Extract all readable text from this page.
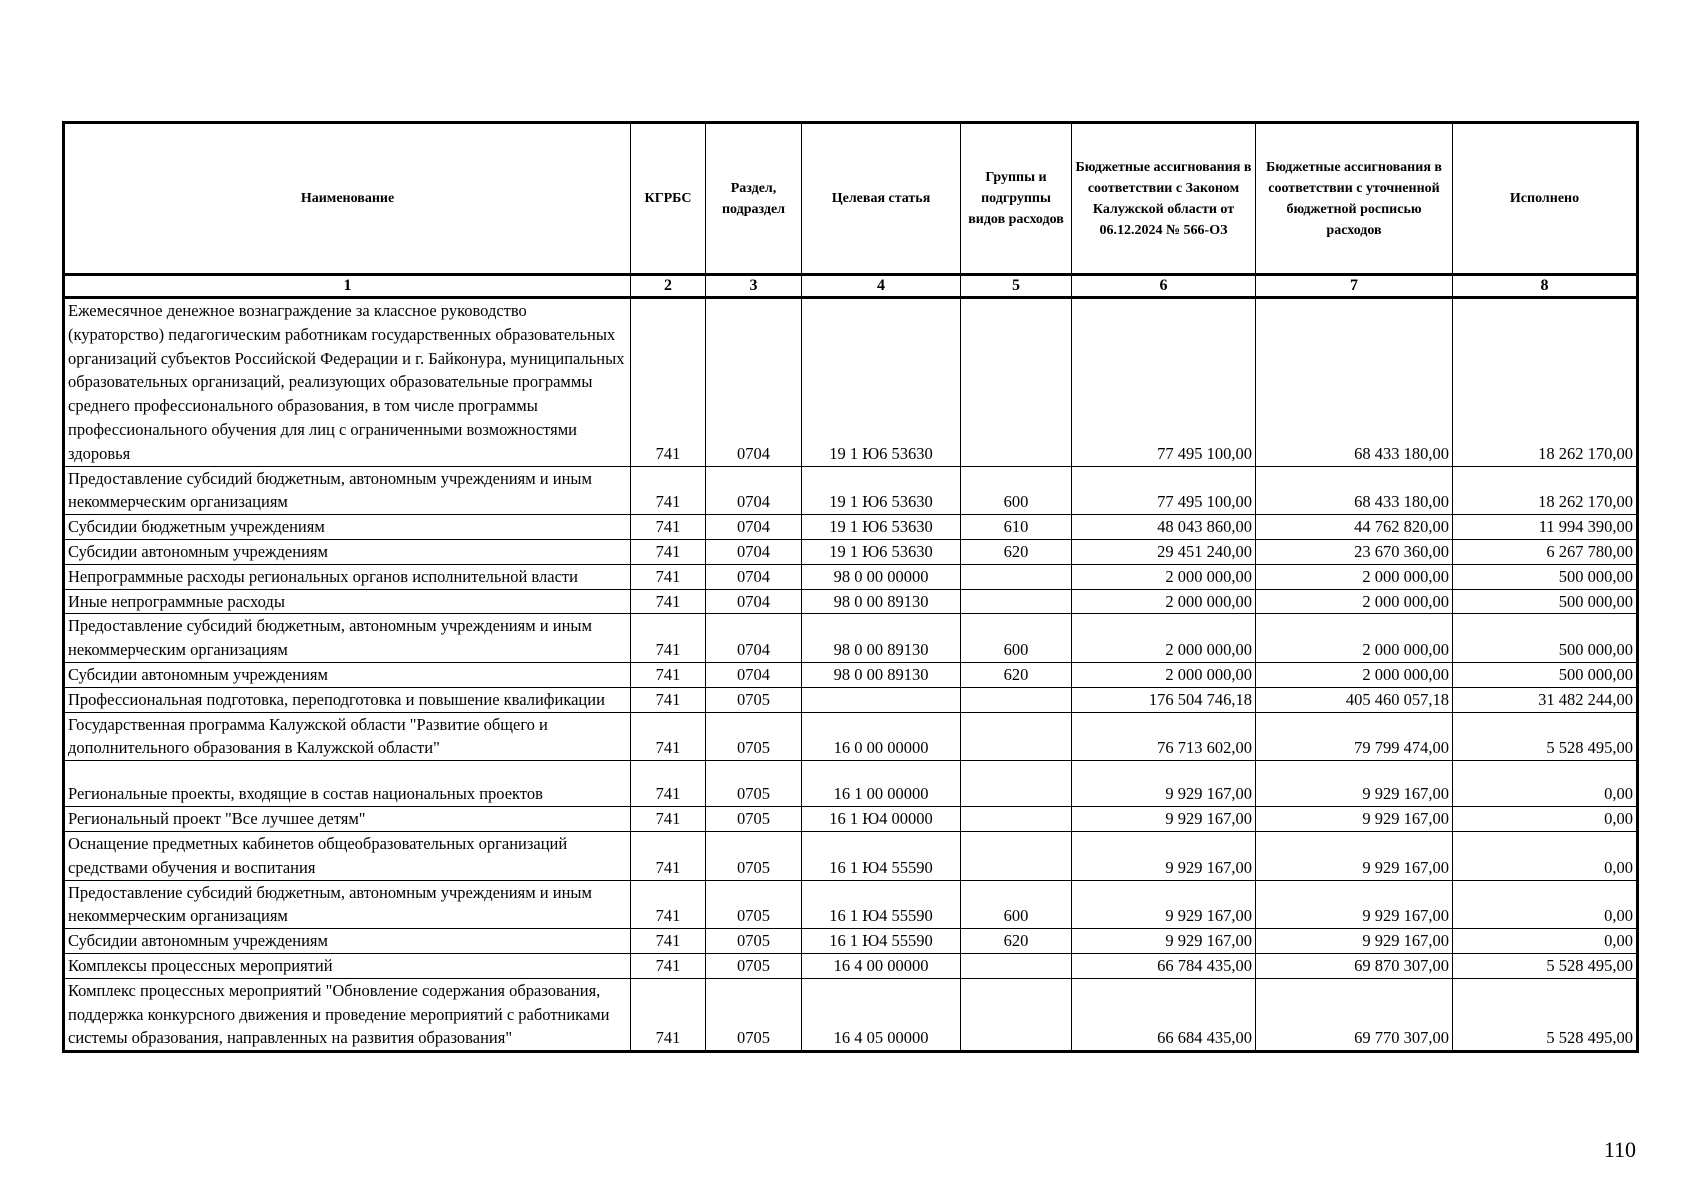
Наименование	КГРБС	Раздел, подраздел	Целевая статья	Группы и подгруппы видов расходов	Бюджетные ассигнования в соответствии с Законом Калужской области от 06.12.2024 № 566-ОЗ	Бюджетные ассигнования в соответствии с уточненной бюджетной росписью расходов	Исполнено
1	2	3	4	5	6	7	8
Ежемесячное денежное вознаграждение за классное руководство (кураторство) педагогическим работникам государственных образовательных организаций субъектов Российской Федерации и г. Байконура, муниципальных образовательных организаций, реализующих образовательные программы среднего профессионального образования, в том числе программы профессионального обучения для лиц с ограниченными возможностями здоровья	741	0704	19 1 Ю6 53630		77 495 100,00	68 433 180,00	18 262 170,00
Предоставление субсидий бюджетным, автономным учреждениям и иным некоммерческим организациям	741	0704	19 1 Ю6 53630	600	77 495 100,00	68 433 180,00	18 262 170,00
Субсидии бюджетным учреждениям	741	0704	19 1 Ю6 53630	610	48 043 860,00	44 762 820,00	11 994 390,00
Субсидии автономным учреждениям	741	0704	19 1 Ю6 53630	620	29 451 240,00	23 670 360,00	6 267 780,00
Непрограммные расходы региональных органов исполнительной власти	741	0704	98 0 00 00000		2 000 000,00	2 000 000,00	500 000,00
Иные непрограммные расходы	741	0704	98 0 00 89130		2 000 000,00	2 000 000,00	500 000,00
Предоставление субсидий бюджетным, автономным учреждениям и иным некоммерческим организациям	741	0704	98 0 00 89130	600	2 000 000,00	2 000 000,00	500 000,00
Субсидии автономным учреждениям	741	0704	98 0 00 89130	620	2 000 000,00	2 000 000,00	500 000,00
Профессиональная подготовка, переподготовка и повышение квалификации	741	0705			176 504 746,18	405 460 057,18	31 482 244,00
Государственная программа Калужской области "Развитие общего и дополнительного образования в Калужской области"	741	0705	16 0 00 00000		76 713 602,00	79 799 474,00	5 528 495,00
Региональные проекты, входящие в состав национальных проектов	741	0705	16 1 00 00000		9 929 167,00	9 929 167,00	0,00
Региональный проект "Все лучшее детям"	741	0705	16 1 Ю4 00000		9 929 167,00	9 929 167,00	0,00
Оснащение предметных кабинетов общеобразовательных организаций средствами обучения и воспитания	741	0705	16 1 Ю4 55590		9 929 167,00	9 929 167,00	0,00
Предоставление субсидий бюджетным, автономным учреждениям и иным некоммерческим организациям	741	0705	16 1 Ю4 55590	600	9 929 167,00	9 929 167,00	0,00
Субсидии автономным учреждениям	741	0705	16 1 Ю4 55590	620	9 929 167,00	9 929 167,00	0,00
Комплексы процессных мероприятий	741	0705	16 4 00 00000		66 784 435,00	69 870 307,00	5 528 495,00
Комплекс процессных мероприятий "Обновление содержания образования, поддержка конкурсного движения и проведение мероприятий с работниками системы образования, направленных на развития образования"	741	0705	16 4 05 00000		66 684 435,00	69 770 307,00	5 528 495,00
110
